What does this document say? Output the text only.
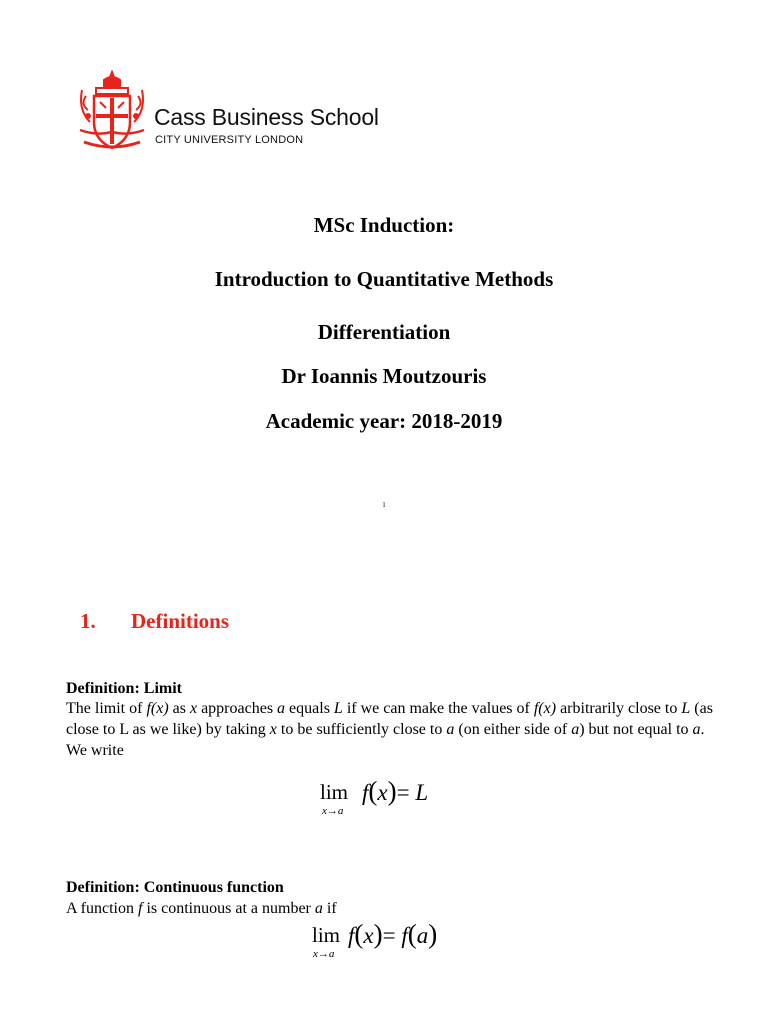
Cass Business School
CITY UNIVERSITY LONDON
MSc Induction:
Introduction to Quantitative Methods
Differentiation
Dr Ioannis Moutzouris
Academic year: 2018-2019
1
1. Definitions
Definition: Limit
The limit of f(x) as x approaches a equals L if we can make the values of f(x) arbitrarily close to L (as close to L as we like) by taking x to be sufficiently close to a (on either side of a) but not equal to a. We write
lim
x→a
f(x)= L
Definition: Continuous function
A function f is continuous at a number a if
lim
x→a
f(x)= f(a)
